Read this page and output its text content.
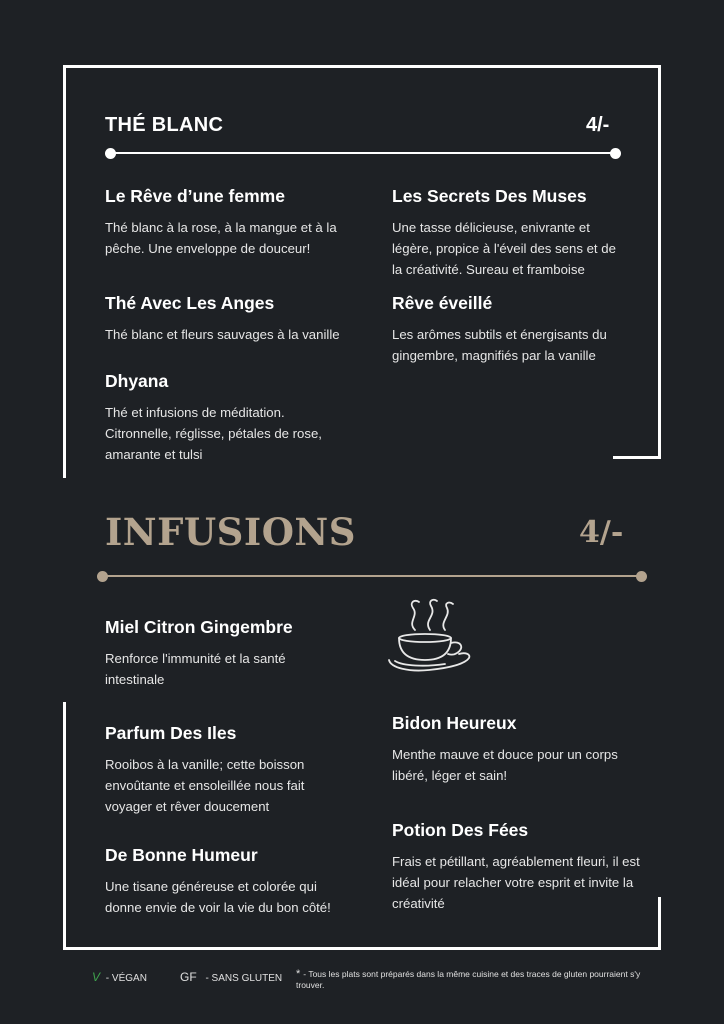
THÉ BLANC	4/-
Le Rêve d’une femme
Thé blanc à la rose, à la mangue et à la pêche. Une enveloppe de douceur!
Thé Avec Les Anges
Thé blanc et fleurs sauvages à la vanille
Dhyana
Thé et infusions de méditation. Citronnelle, réglisse, pétales de rose, amarante et tulsi
Les Secrets Des Muses
Une tasse délicieuse, enivrante et légère, propice à l'éveil des sens et de la créativité. Sureau et framboise
Rêve éveillé
Les arômes subtils et énergisants du gingembre, magnifiés par la vanille
INFUSIONS	4/-
Miel Citron Gingembre
Renforce l'immunité et la santé intestinale
Parfum Des Iles
Rooibos à la vanille; cette boisson envoûtante et ensoleillée nous fait voyager et rêver doucement
De Bonne Humeur
Une tisane généreuse et colorée qui donne envie de voir la vie du bon côté!
Bidon Heureux
Menthe mauve et douce pour un corps libéré, léger et sain!
Potion Des Fées
Frais et pétillant, agréablement fleuri, il est idéal pour relacher votre esprit et invite la créativité
V - VÉGAN	GF - SANS GLUTEN * - Tous les plats sont préparés dans la même cuisine et des traces de gluten pourraient s'y trouver.
